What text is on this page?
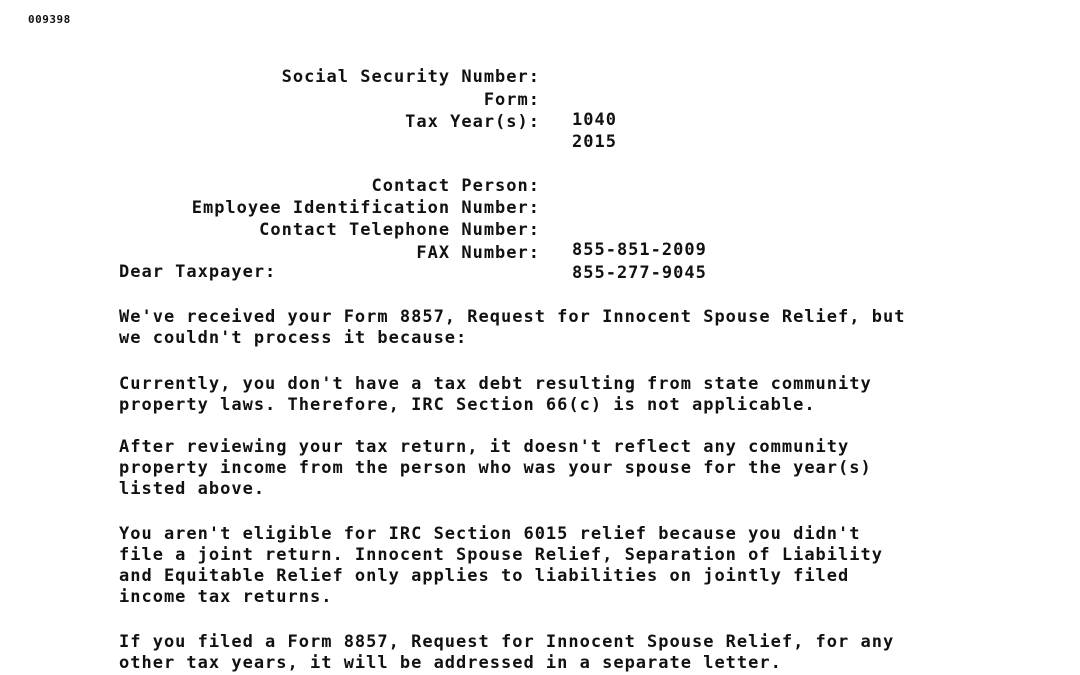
009398

Social Security Number:

Form:

1040

Tax Year(s):

2015

Contact Person:

Employee Identification Number:

Contact Telephone Number:

855-851-2009

FAX Number:

855-277-9045

Dear Taxpayer:
We've received your Form 8857, Request for Innocent Spouse Relief, but
we couldn't process it because:
Currently, you don't have a tax debt resulting from state community
property laws. Therefore, IRC Section 66(c) is not applicable.
After reviewing your tax return, it doesn't reflect any community
property income from the person who was your spouse for the year(s)
listed above.
You aren't eligible for IRC Section 6015 relief because you didn't
file a joint return. Innocent Spouse Relief, Separation of Liability
and Equitable Relief only applies to liabilities on jointly filed
income tax returns.
If you filed a Form 8857, Request for Innocent Spouse Relief, for any
other tax years, it will be addressed in a separate letter.
